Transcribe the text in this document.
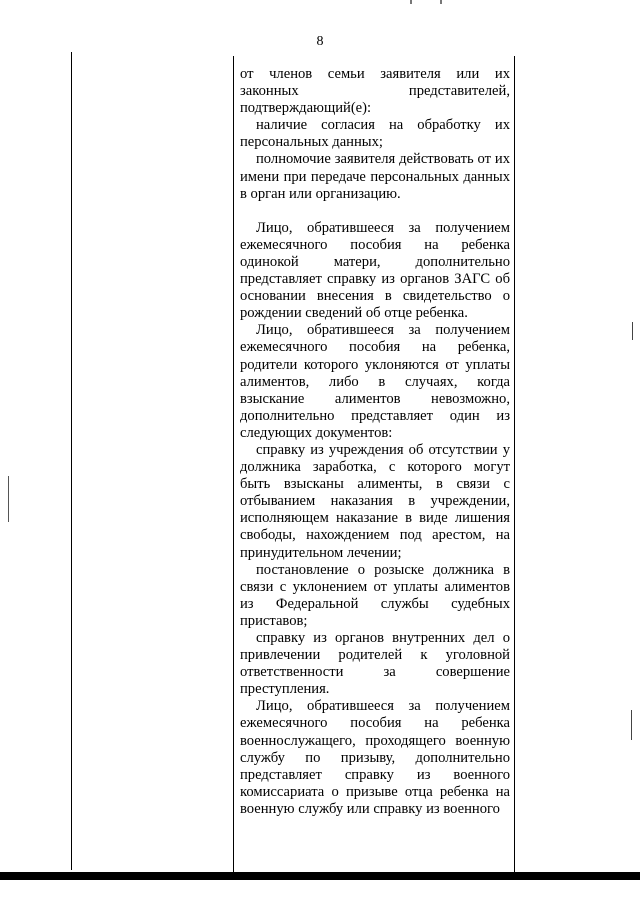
8

от членов семьи заявителя или их законных представителей, подтверждающий(е):

наличие согласия на обработку их персональных данных;

полномочие заявителя действовать от их имени при передаче персональных данных в орган или организацию.

Лицо, обратившееся за получением ежемесячного пособия на ребенка одинокой матери, дополнительно представляет справку из органов ЗАГС об основании внесения в свидетельство о рождении сведений об отце ребенка.

Лицо, обратившееся за получением ежемесячного пособия на ребенка, родители которого уклоняются от уплаты алиментов, либо в случаях, когда взыскание алиментов невозможно, дополнительно представляет один из следующих документов:

справку из учреждения об отсутствии у должника заработка, с которого могут быть взысканы алименты, в связи с отбыванием наказания в учреждении, исполняющем наказание в виде лишения свободы, нахождением под арестом, на принудительном лечении;

постановление о розыске должника в связи с уклонением от уплаты алиментов из Федеральной службы судебных приставов;

справку из органов внутренних дел о привлечении родителей к уголовной ответственности за совершение преступления.

Лицо, обратившееся за получением ежемесячного пособия на ребенка военнослужащего, проходящего военную службу по призыву, дополнительно представляет справку из военного комиссариата о призыве отца ребенка на военную службу или справку из военного
